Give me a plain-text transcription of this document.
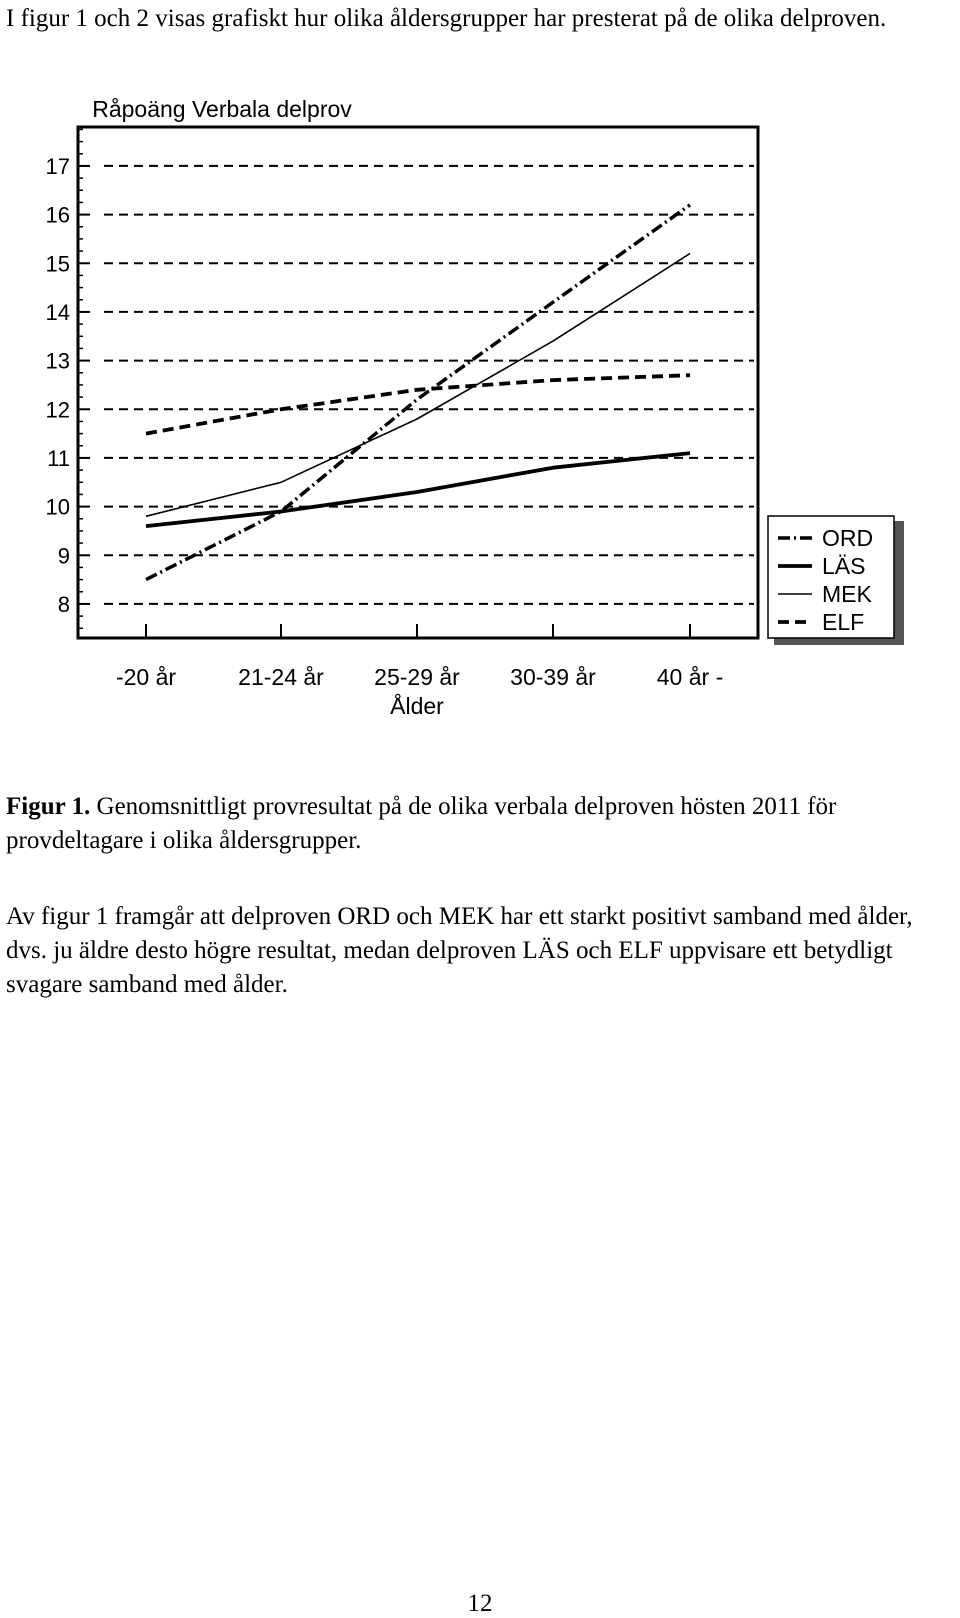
I figur 1 och 2 visas grafiskt hur olika åldersgrupper har presterat på de olika delproven.
Råpoäng Verbala delprov
8
9
10
11
12
13
14
15
16
17
-20 år	21-24 år 25-29 år 30-39 år	40 år -
Ålder
ORD
LÄS
MEK
ELF
Figur 1. Genomsnittligt provresultat på de olika verbala delproven hösten 2011 för provdeltagare i olika åldersgrupper.
Av figur 1 framgår att delproven ORD och MEK har ett starkt positivt samband med ålder, dvs. ju äldre desto högre resultat, medan delproven LÄS och ELF uppvisare ett betydligt svagare samband med ålder.
12
